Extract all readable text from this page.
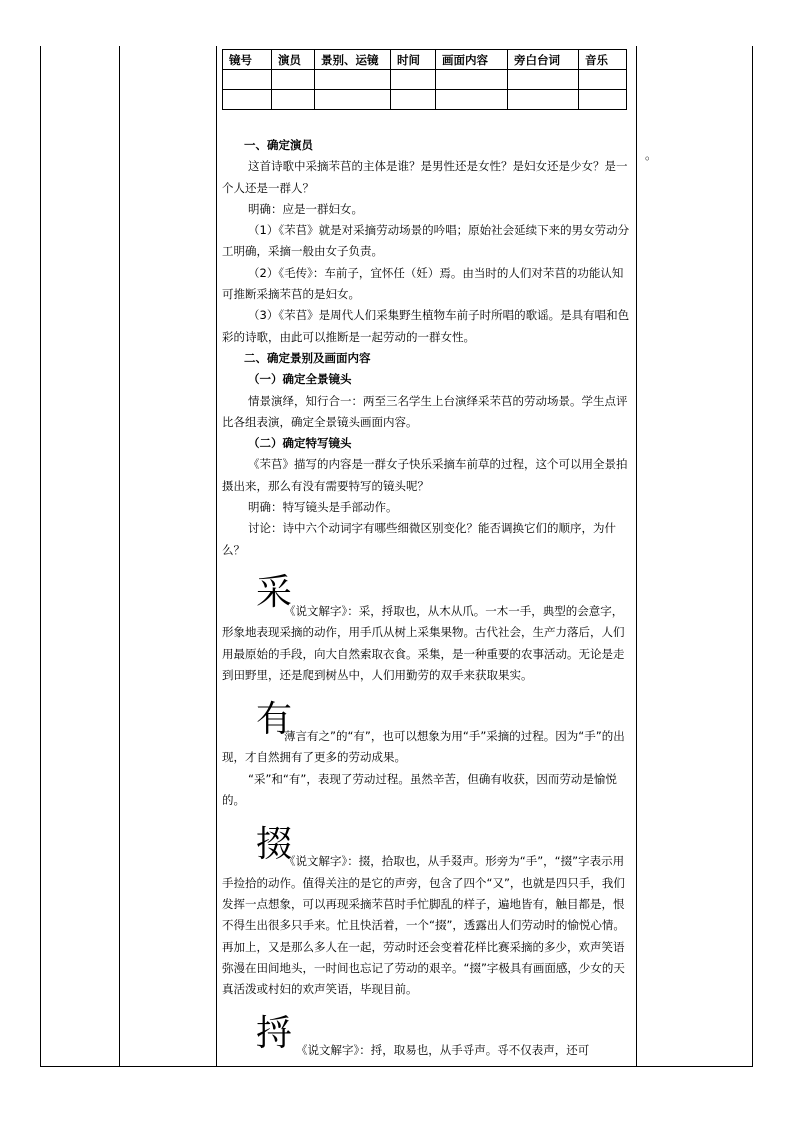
。
镜号	演员	景别、运镜	时间	画面内容	旁白台词	音乐

一、确定演员

这首诗歌中采摘芣苢的主体是谁？是男性还是女性？是妇女还是少女？是一个人还是一群人？

明确：应是一群妇女。

（1）《芣苢》就是对采摘劳动场景的吟唱；原始社会延续下来的男女劳动分工明确，采摘一般由女子负责。

（2）《毛传》：车前子，宜怀任（妊）焉。由当时的人们对芣苢的功能认知可推断采摘芣苢的是妇女。

（3）《芣苢》是周代人们采集野生植物车前子时所唱的歌谣。是具有唱和色彩的诗歌，由此可以推断是一起劳动的一群女性。

二、确定景别及画面内容

（一）确定全景镜头

情景演绎，知行合一：两至三名学生上台演绎采芣苢的劳动场景。学生点评比各组表演，确定全景镜头画面内容。

（二）确定特写镜头

《芣苢》描写的内容是一群女子快乐采摘车前草的过程，这个可以用全景拍摄出来，那么有没有需要特写的镜头呢？

明确：特写镜头是手部动作。

讨论：诗中六个动词字有哪些细微区别变化？能否调换它们的顺序，为什么？

采

《说文解字》：采，捋取也，从木从爪。一木一手，典型的会意字，形象地表现采摘的动作，用手爪从树上采集果物。古代社会，生产力落后，人们用最原始的手段，向大自然索取衣食。采集，是一种重要的农事活动。无论是走到田野里，还是爬到树丛中，人们用勤劳的双手来获取果实。

有

薄言有之”的“有”，也可以想象为用“手”采摘的过程。因为“手”的出现，才自然拥有了更多的劳动成果。

“采”和“有”，表现了劳动过程。虽然辛苦，但确有收获，因而劳动是愉悦的。

掇

《说文解字》：掇，拾取也，从手叕声。形旁为“手”，“掇”字表示用手捡拾的动作。值得关注的是它的声旁，包含了四个“又”，也就是四只手，我们发挥一点想象，可以再现采摘芣苢时手忙脚乱的样子，遍地皆有，触目都是，恨不得生出很多只手来。忙且快活着，一个“掇”，透露出人们劳动时的愉悦心情。再加上，又是那么多人在一起，劳动时还会变着花样比赛采摘的多少，欢声笑语弥漫在田间地头，一时间也忘记了劳动的艰辛。“掇”字极具有画面感，少女的天真活泼或村妇的欢声笑语，毕现目前。

捋 《说文解字》：捋，取易也，从手寽声。寽不仅表声，还可
